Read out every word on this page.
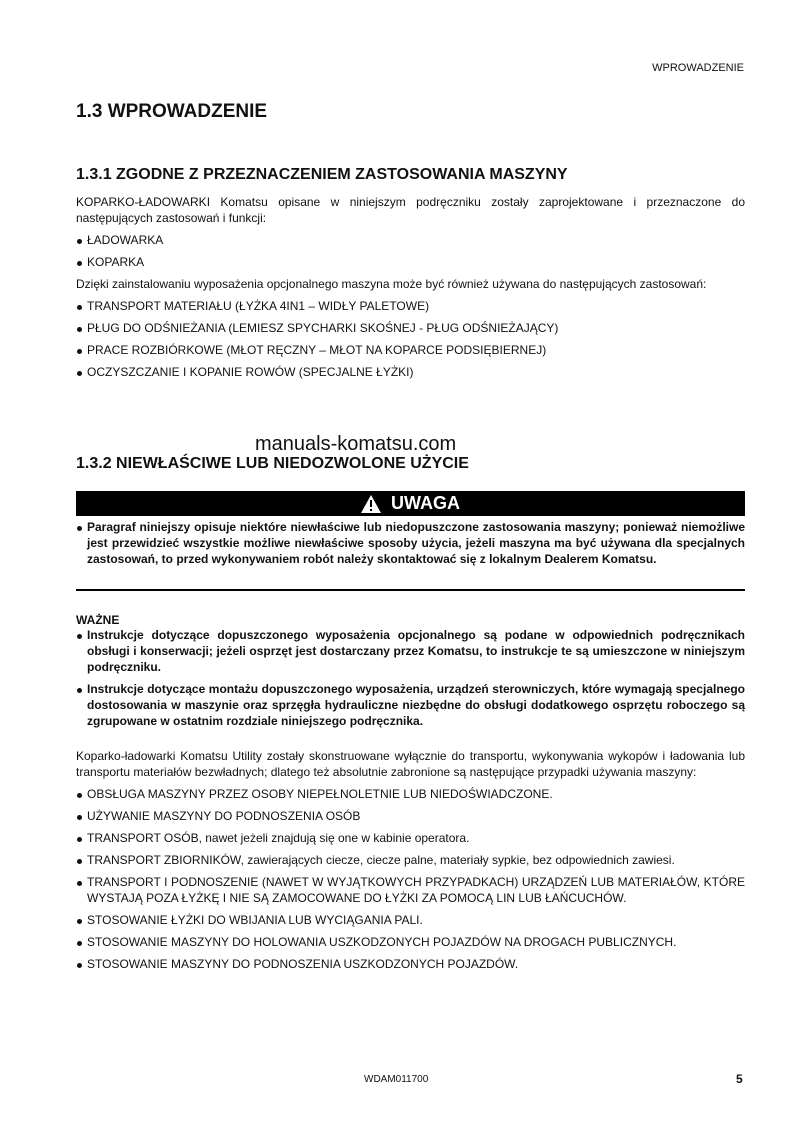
WPROWADZENIE
1.3 WPROWADZENIE
1.3.1 ZGODNE Z PRZEZNACZENIEM ZASTOSOWANIA MASZYNY
KOPARKO-ŁADOWARKI Komatsu opisane w niniejszym podręczniku zostały zaprojektowane i przeznaczone do następujących zastosowań i funkcji:
ŁADOWARKA
KOPARKA
Dzięki zainstalowaniu wyposażenia opcjonalnego maszyna może być również używana do następujących zastosowań:
TRANSPORT MATERIAŁU (ŁYŻKA 4IN1 – WIDŁY PALETOWE)
PŁUG DO ODŚNIEŻANIA (LEMIESZ SPYCHARKI SKOŚNEJ - PŁUG ODŚNIEŻAJĄCY)
PRACE ROZBIÓRKOWE (MŁOT RĘCZNY – MŁOT NA KOPARCE PODSIĘBIERNEJ)
OCZYSZCZANIE I KOPANIE ROWÓW (SPECJALNE ŁYŻKI)
manuals-komatsu.com
1.3.2 NIEWŁAŚCIWE LUB NIEDOZWOLONE UŻYCIE
UWAGA
Paragraf niniejszy opisuje niektóre niewłaściwe lub niedopuszczone zastosowania maszyny; ponieważ niemożliwe jest przewidzieć wszystkie możliwe niewłaściwe sposoby użycia, jeżeli maszyna ma być używana dla specjalnych zastosowań, to przed wykonywaniem robót należy skontaktować się z lokalnym Dealerem Komatsu.
WAŻNE
Instrukcje dotyczące dopuszczonego wyposażenia opcjonalnego są podane w odpowiednich podręcznikach obsługi i konserwacji; jeżeli osprzęt jest dostarczany przez Komatsu, to instrukcje te są umieszczone w niniejszym podręczniku.
Instrukcje dotyczące montażu dopuszczonego wyposażenia, urządzeń sterowniczych, które wymagają specjalnego dostosowania w maszynie oraz sprzęgła hydrauliczne niezbędne do obsługi dodatkowego osprzętu roboczego są zgrupowane w ostatnim rozdziale niniejszego podręcznika.
Koparko-ładowarki Komatsu Utility zostały skonstruowane wyłącznie do transportu, wykonywania wykopów i ładowania lub transportu materiałów bezwładnych; dlatego też absolutnie zabronione są następujące przypadki używania maszyny:
OBSŁUGA MASZYNY PRZEZ OSOBY NIEPEŁNOLETNIE LUB NIEDOŚWIADCZONE.
UŻYWANIE MASZYNY DO PODNOSZENIA OSÓB
TRANSPORT OSÓB, nawet jeżeli znajdują się one w kabinie operatora.
TRANSPORT ZBIORNIKÓW, zawierających ciecze, ciecze palne, materiały sypkie, bez odpowiednich zawiesi.
TRANSPORT I PODNOSZENIE (NAWET W WYJĄTKOWYCH PRZYPADKACH) URZĄDZEŃ LUB MATERIAŁÓW, KTÓRE WYSTAJĄ POZA ŁYŻKĘ I NIE SĄ ZAMOCOWANE DO ŁYŻKI ZA POMOCĄ LIN LUB ŁAŃCUCHÓW.
STOSOWANIE ŁYŻKI DO WBIJANIA LUB WYCIĄGANIA PALI.
STOSOWANIE MASZYNY DO HOLOWANIA USZKODZONYCH POJAZDÓW NA DROGACH PUBLICZNYCH.
STOSOWANIE MASZYNY DO PODNOSZENIA USZKODZONYCH POJAZDÓW.
WDAM011700	5
